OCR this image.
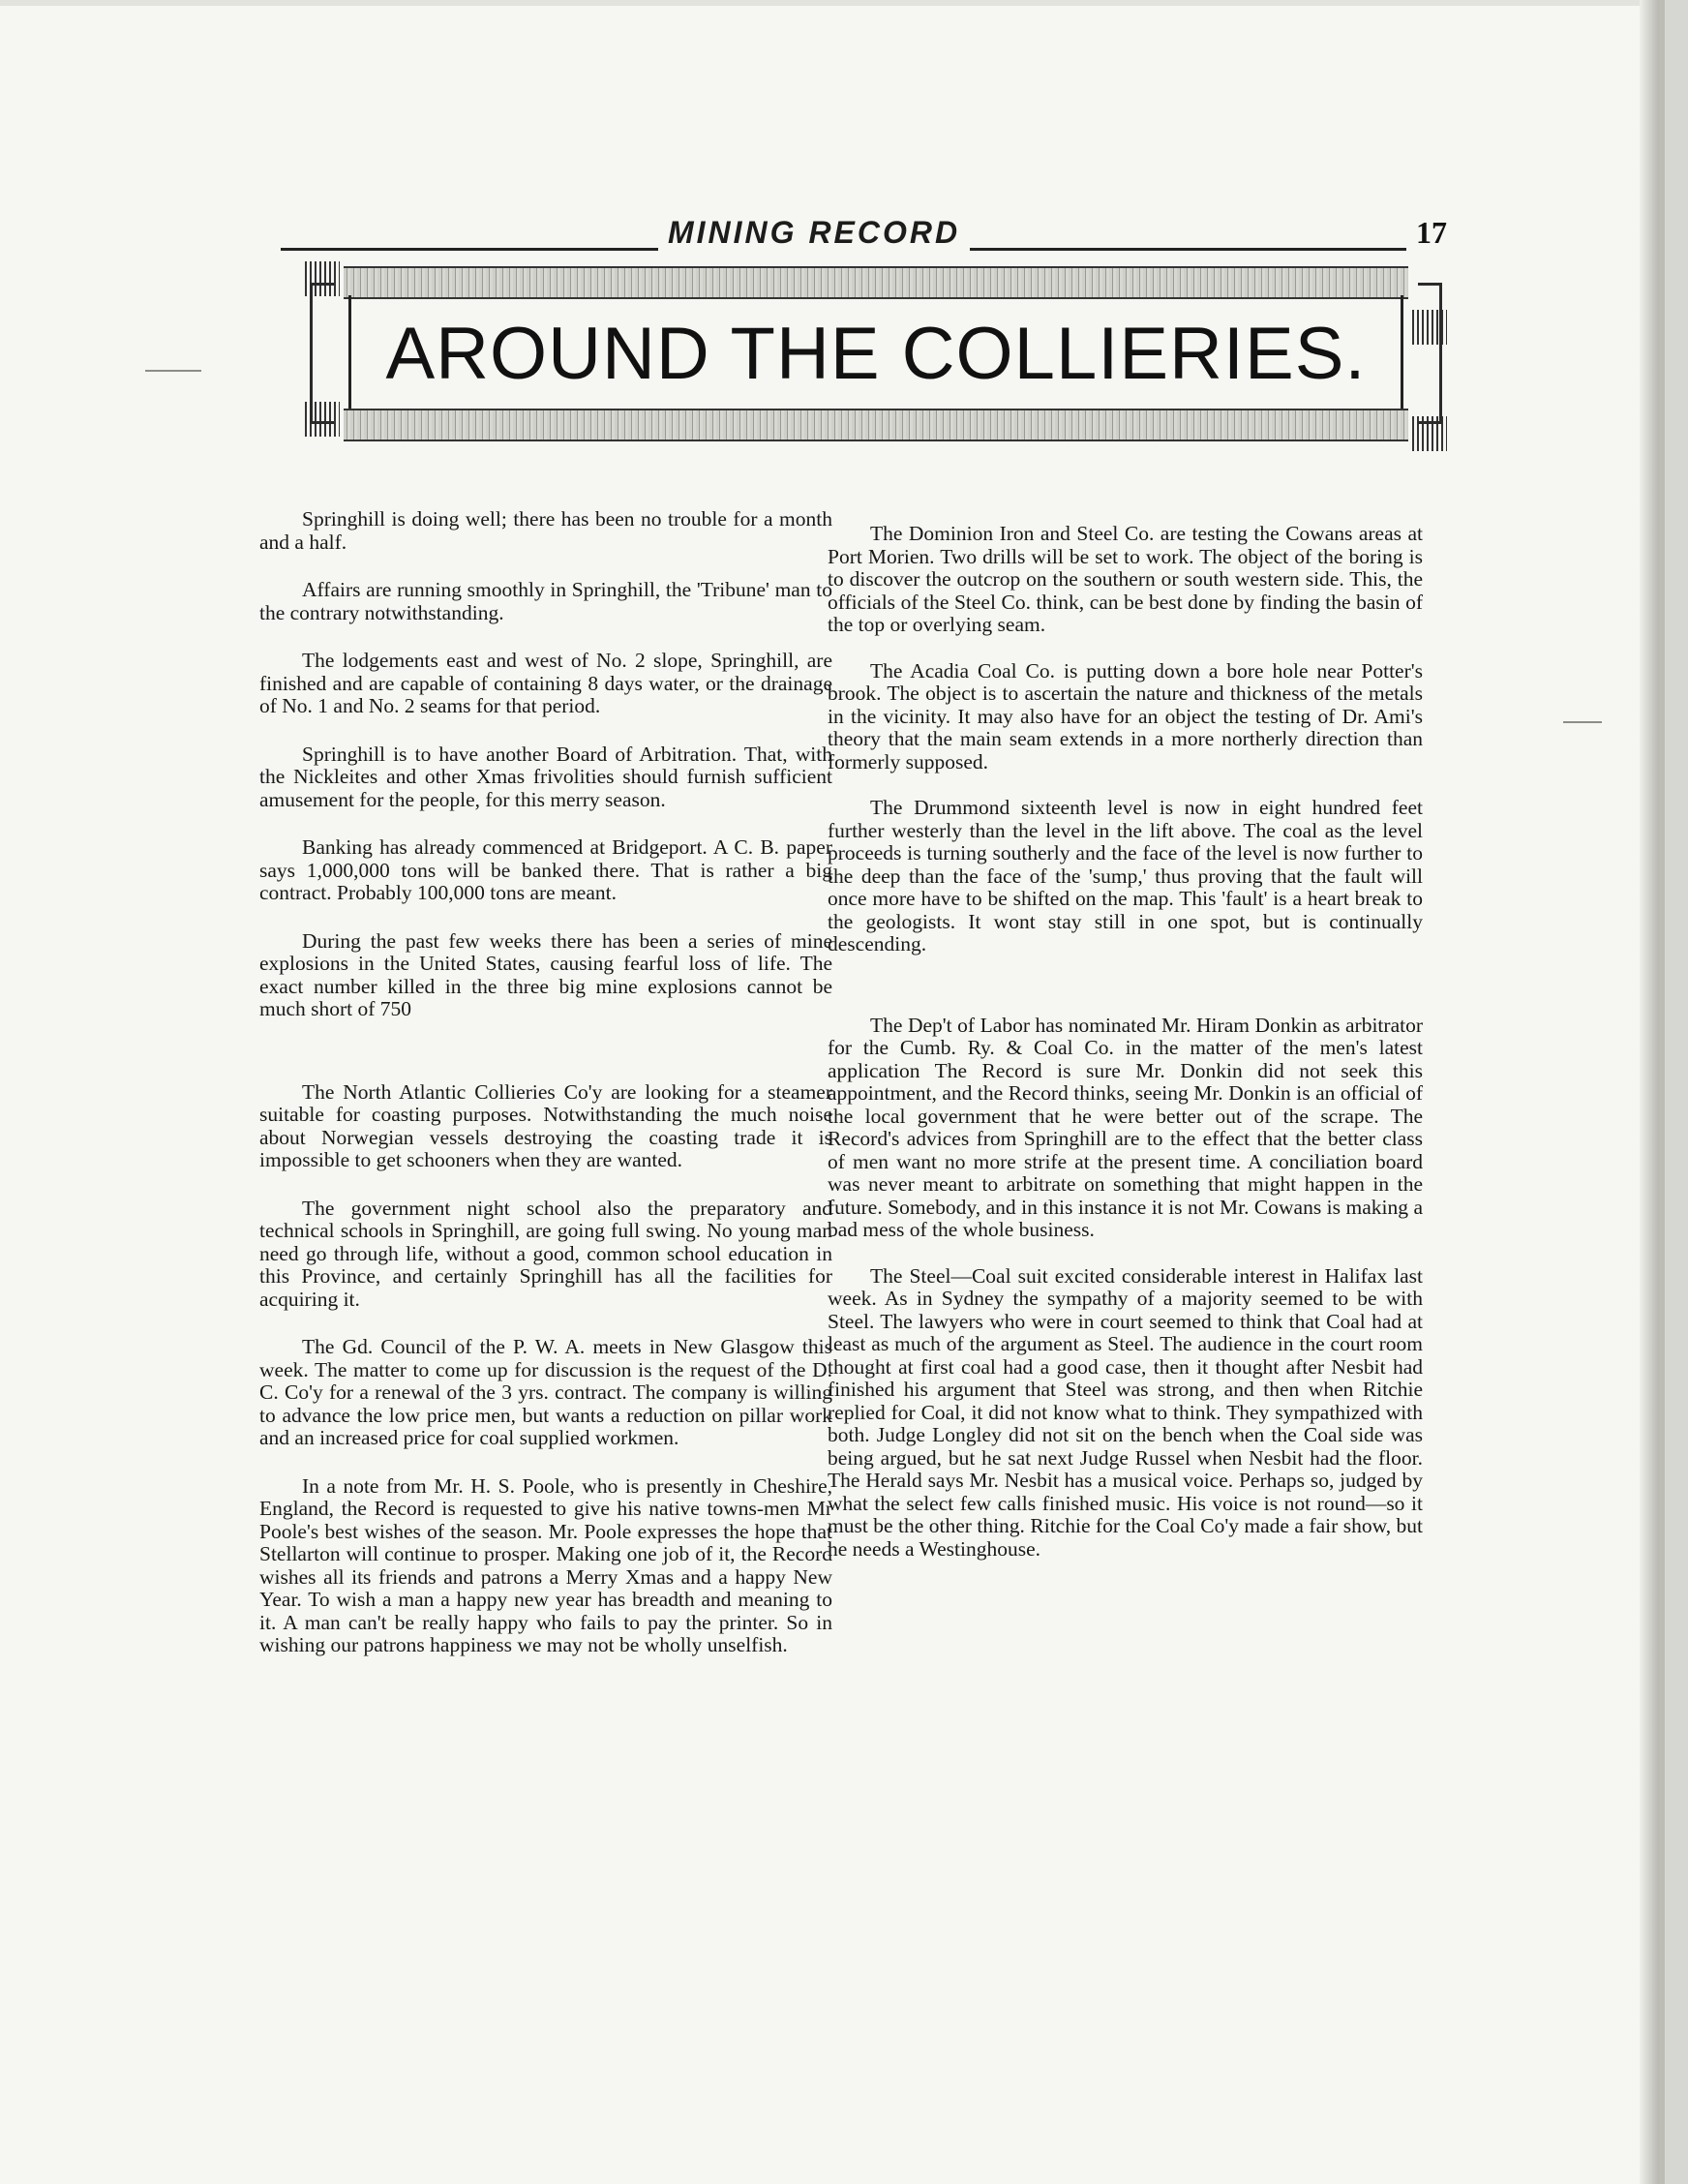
MINING RECORD	17
AROUND THE COLLIERIES.

Springhill is doing well; there has been no trouble for a month and a half.

Affairs are running smoothly in Springhill, the 'Tribune' man to the contrary notwithstanding.

The lodgements east and west of No. 2 slope, Springhill, are finished and are capable of containing 8 days water, or the drainage of No. 1 and No. 2 seams for that period.

Springhill is to have another Board of Arbitration. That, with the Nickleites and other Xmas frivolities should furnish sufficient amusement for the people, for this merry season.

Banking has already commenced at Bridgeport. A C. B. paper says 1,000,000 tons will be banked there. That is rather a big contract. Probably 100,000 tons are meant.

During the past few weeks there has been a series of mine explosions in the United States, causing fearful loss of life. The exact number killed in the three big mine explosions cannot be much short of 750

The North Atlantic Collieries Co'y are looking for a steamer suitable for coasting purposes. Notwithstanding the much noise about Norwegian vessels destroying the coasting trade it is impossible to get schooners when they are wanted.

The government night school also the preparatory and technical schools in Springhill, are going full swing. No young man need go through life, without a good, common school education in this Province, and certainly Springhill has all the facilities for acquiring it.

The Gd. Council of the P. W. A. meets in New Glasgow this week. The matter to come up for discussion is the request of the D. C. Co'y for a renewal of the 3 yrs. contract. The company is willing to advance the low price men, but wants a reduction on pillar work and an increased price for coal supplied workmen.

In a note from Mr. H. S. Poole, who is presently in Cheshire, England, the Record is requested to give his native towns-men Mr Poole's best wishes of the season. Mr. Poole expresses the hope that Stellarton will continue to prosper. Making one job of it, the Record wishes all its friends and patrons a Merry Xmas and a happy New Year. To wish a man a happy new year has breadth and meaning to it. A man can't be really happy who fails to pay the printer. So in wishing our patrons happiness we may not be wholly unselfish.

The Dominion Iron and Steel Co. are testing the Cowans areas at Port Morien. Two drills will be set to work. The object of the boring is to discover the outcrop on the southern or south western side. This, the officials of the Steel Co. think, can be best done by finding the basin of the top or overlying seam.

The Acadia Coal Co. is putting down a bore hole near Potter's brook. The object is to ascertain the nature and thickness of the metals in the vicinity. It may also have for an object the testing of Dr. Ami's theory that the main seam extends in a more northerly direction than formerly supposed.

The Drummond sixteenth level is now in eight hundred feet further westerly than the level in the lift above. The coal as the level proceeds is turning southerly and the face of the level is now further to the deep than the face of the 'sump,' thus proving that the fault will once more have to be shifted on the map. This 'fault' is a heart break to the geologists. It wont stay still in one spot, but is continually descending.

The Dep't of Labor has nominated Mr. Hiram Donkin as arbitrator for the Cumb. Ry. & Coal Co. in the matter of the men's latest application The Record is sure Mr. Donkin did not seek this appointment, and the Record thinks, seeing Mr. Donkin is an official of the local government that he were better out of the scrape. The Record's advices from Springhill are to the effect that the better class of men want no more strife at the present time. A conciliation board was never meant to arbitrate on something that might happen in the future. Somebody, and in this instance it is not Mr. Cowans is making a bad mess of the whole business.

The Steel—Coal suit excited considerable interest in Halifax last week. As in Sydney the sympathy of a majority seemed to be with Steel. The lawyers who were in court seemed to think that Coal had at least as much of the argument as Steel. The audience in the court room thought at first coal had a good case, then it thought after Nesbit had finished his argument that Steel was strong, and then when Ritchie replied for Coal, it did not know what to think. They sympathized with both. Judge Longley did not sit on the bench when the Coal side was being argued, but he sat next Judge Russel when Nesbit had the floor. The Herald says Mr. Nesbit has a musical voice. Perhaps so, judged by what the select few calls finished music. His voice is not round—so it must be the other thing. Ritchie for the Coal Co'y made a fair show, but he needs a Westinghouse.
